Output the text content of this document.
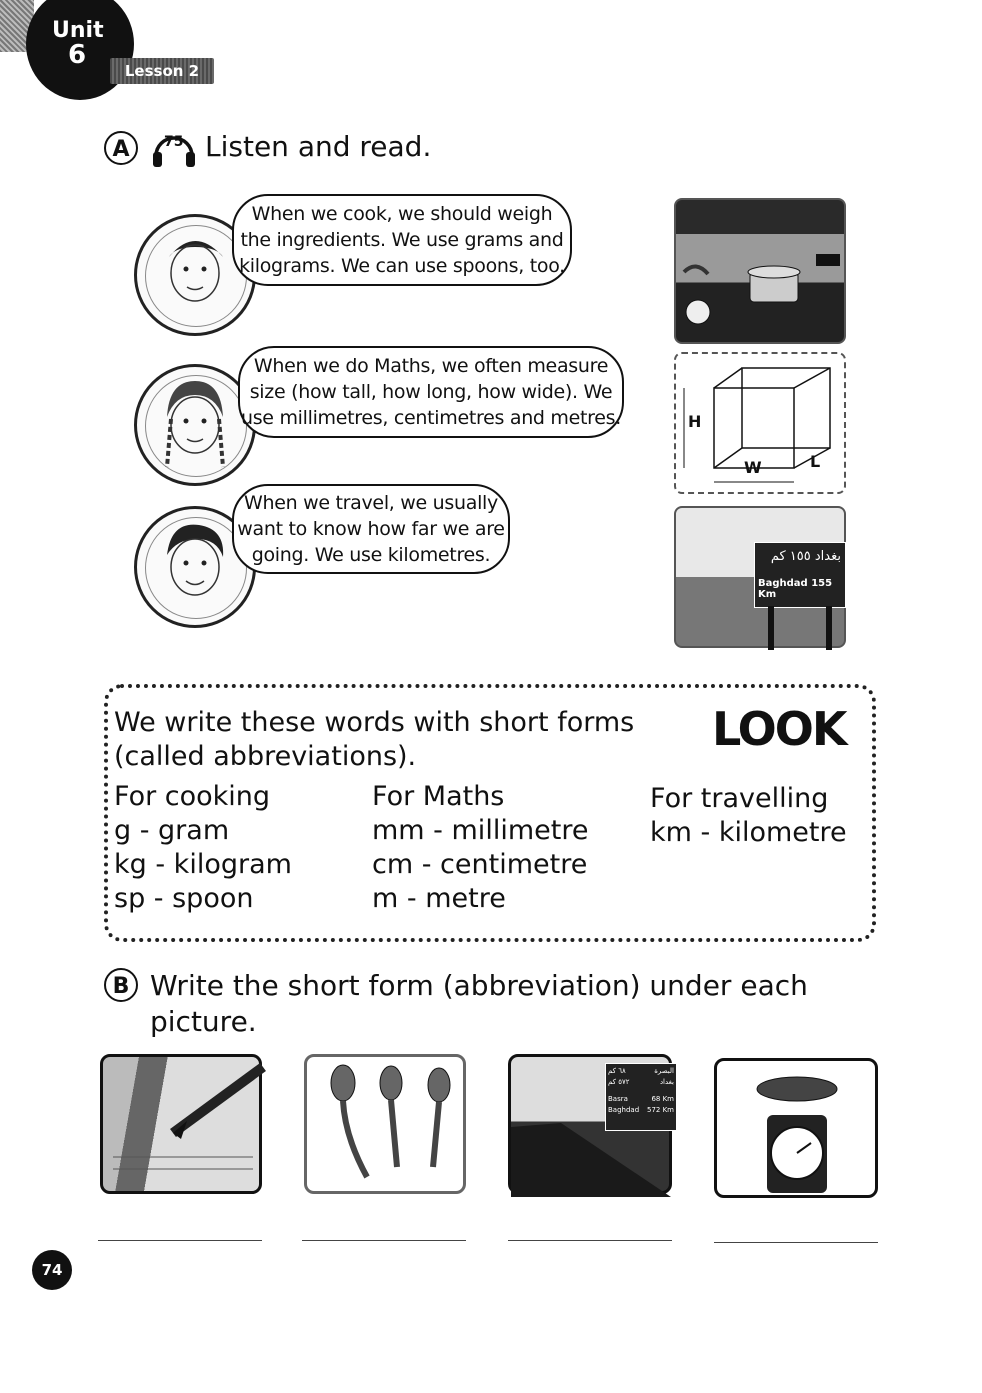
Unit
6
Lesson 2
A	75 Listen and read.
When we cook, we should weigh
the ingredients. We use grams and
kilograms. We can use spoons, too.
When we do Maths, we often measure
size (how tall, how long, how wide). We
use millimetres, centimetres and metres.
When we travel, we usually
want to know how far we are
going. We use kilometres.
H
W	L
بغداد ١٥٥ كم
Baghdad 155 Km
LOOK
We write these words with short forms
(called abbreviations).
For cooking
g - gram
kg - kilogram
sp - spoon
For Maths
mm - millimetre
cm - centimetre
m - metre
For travelling
km - kilometre
B Write the short form (abbreviation) under each
picture.
٦٨ كم	البصرة
٥٧٢ كم	بغداد
Basra	68 Km
Baghdad 572 Km
74
